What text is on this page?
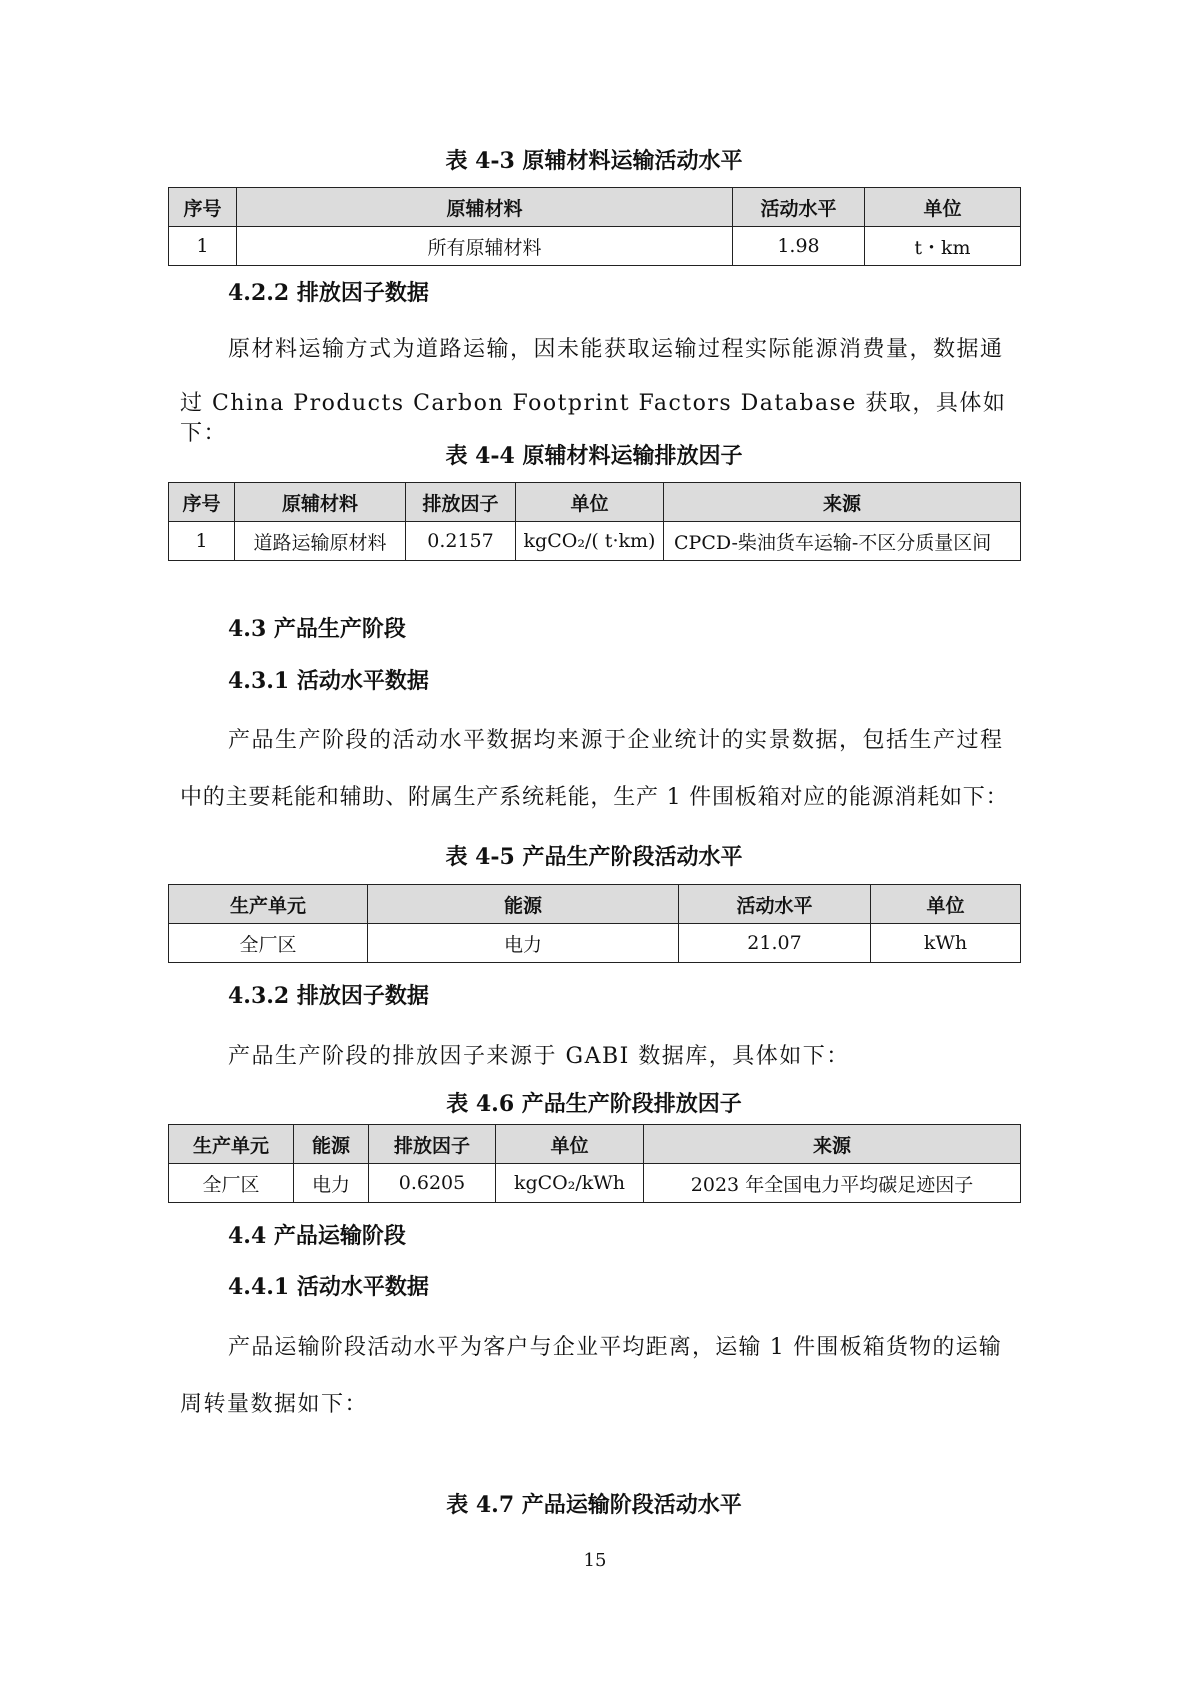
表 4-3 原辅材料运输活动水平
序号	原辅材料	活动水平	单位
1	所有原辅材料	1.98	t・km
4.2.2 排放因子数据
原材料运输方式为道路运输，因未能获取运输过程实际能源消费量，数据通
过 China Products Carbon Footprint Factors Database 获取，具体如下：
表 4-4 原辅材料运输排放因子
序号	原辅材料	排放因子	单位	来源
1	道路运输原材料	0.2157	kgCO₂/( t·km)	CPCD-柴油货车运输-不区分质量区间
4.3 产品生产阶段
4.3.1 活动水平数据
产品生产阶段的活动水平数据均来源于企业统计的实景数据，包括生产过程
中的主要耗能和辅助、附属生产系统耗能，生产 1 件围板箱对应的能源消耗如下：
表 4-5 产品生产阶段活动水平
生产单元	能源	活动水平	单位
全厂区	电力	21.07	kWh
4.3.2 排放因子数据
产品生产阶段的排放因子来源于 GABI 数据库，具体如下：
表 4.6 产品生产阶段排放因子
生产单元	能源	排放因子	单位	来源
全厂区	电力	0.6205	kgCO₂/kWh	2023 年全国电力平均碳足迹因子
4.4 产品运输阶段
4.4.1 活动水平数据
产品运输阶段活动水平为客户与企业平均距离，运输 1 件围板箱货物的运输
周转量数据如下：
表 4.7 产品运输阶段活动水平
15
